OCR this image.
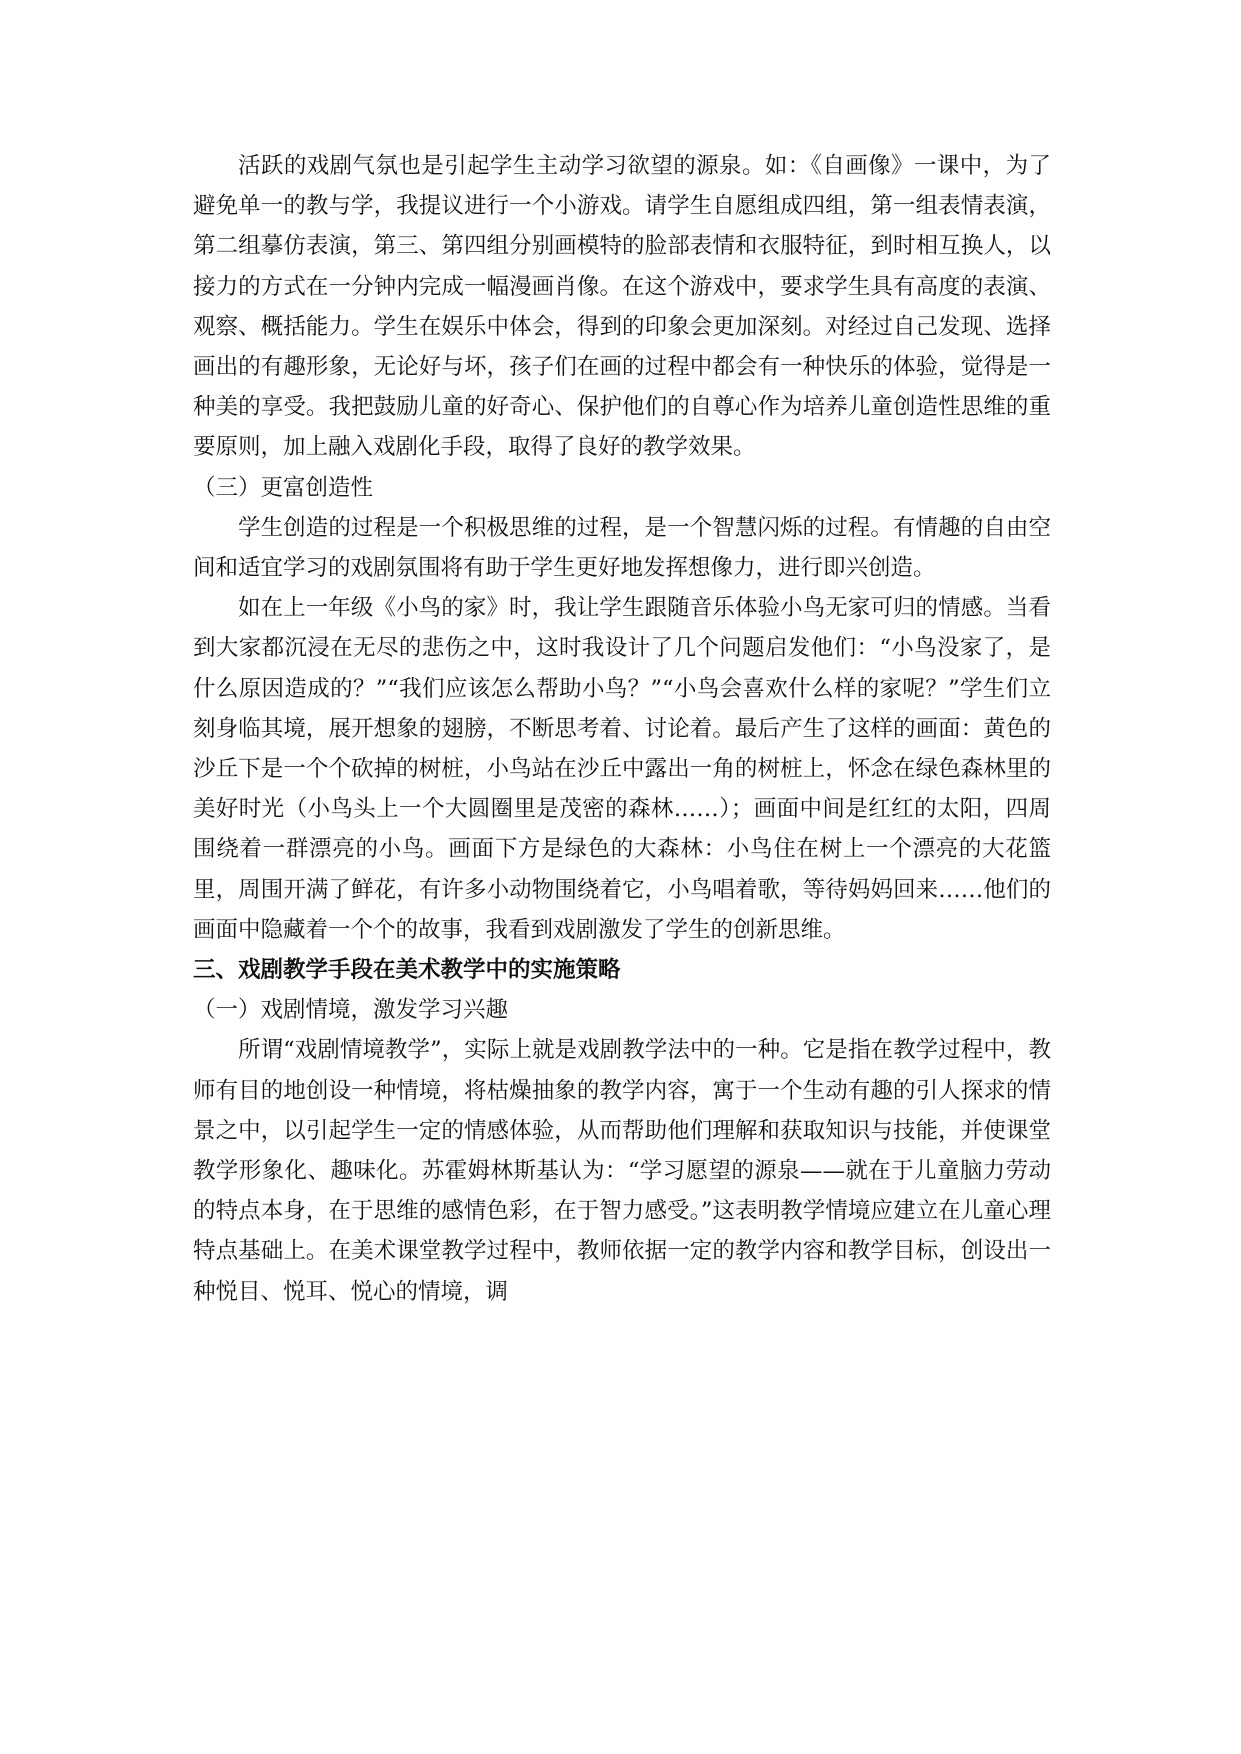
活跃的戏剧气氛也是引起学生主动学习欲望的源泉。如：《自画像》一课中，为了避免单一的教与学，我提议进行一个小游戏。请学生自愿组成四组，第一组表情表演，第二组摹仿表演，第三、第四组分别画模特的脸部表情和衣服特征，到时相互换人，以接力的方式在一分钟内完成一幅漫画肖像。在这个游戏中，要求学生具有高度的表演、观察、概括能力。学生在娱乐中体会，得到的印象会更加深刻。对经过自己发现、选择画出的有趣形象，无论好与坏，孩子们在画的过程中都会有一种快乐的体验，觉得是一种美的享受。我把鼓励儿童的好奇心、保护他们的自尊心作为培养儿童创造性思维的重要原则，加上融入戏剧化手段，取得了良好的教学效果。

（三）更富创造性

学生创造的过程是一个积极思维的过程，是一个智慧闪烁的过程。有情趣的自由空间和适宜学习的戏剧氛围将有助于学生更好地发挥想像力，进行即兴创造。

如在上一年级《小鸟的家》时，我让学生跟随音乐体验小鸟无家可归的情感。当看到大家都沉浸在无尽的悲伤之中，这时我设计了几个问题启发他们：“小鸟没家了，是什么原因造成的？”“我们应该怎么帮助小鸟？”“小鸟会喜欢什么样的家呢？”学生们立刻身临其境，展开想象的翅膀，不断思考着、讨论着。最后产生了这样的画面：黄色的沙丘下是一个个砍掉的树桩，小鸟站在沙丘中露出一角的树桩上，怀念在绿色森林里的美好时光（小鸟头上一个大圆圈里是茂密的森林……）；画面中间是红红的太阳，四周围绕着一群漂亮的小鸟。画面下方是绿色的大森林：小鸟住在树上一个漂亮的大花篮里，周围开满了鲜花，有许多小动物围绕着它，小鸟唱着歌，等待妈妈回来……他们的画面中隐藏着一个个的故事，我看到戏剧激发了学生的创新思维。

三、戏剧教学手段在美术教学中的实施策略

（一）戏剧情境，激发学习兴趣

所谓“戏剧情境教学”，实际上就是戏剧教学法中的一种。它是指在教学过程中，教师有目的地创设一种情境，将枯燥抽象的教学内容，寓于一个生动有趣的引人探求的情景之中，以引起学生一定的情感体验，从而帮助他们理解和获取知识与技能，并使课堂教学形象化、趣味化。苏霍姆林斯基认为：“学习愿望的源泉——就在于儿童脑力劳动的特点本身，在于思维的感情色彩，在于智力感受。”这表明教学情境应建立在儿童心理特点基础上。在美术课堂教学过程中，教师依据一定的教学内容和教学目标，创设出一种悦目、悦耳、悦心的情境，调
